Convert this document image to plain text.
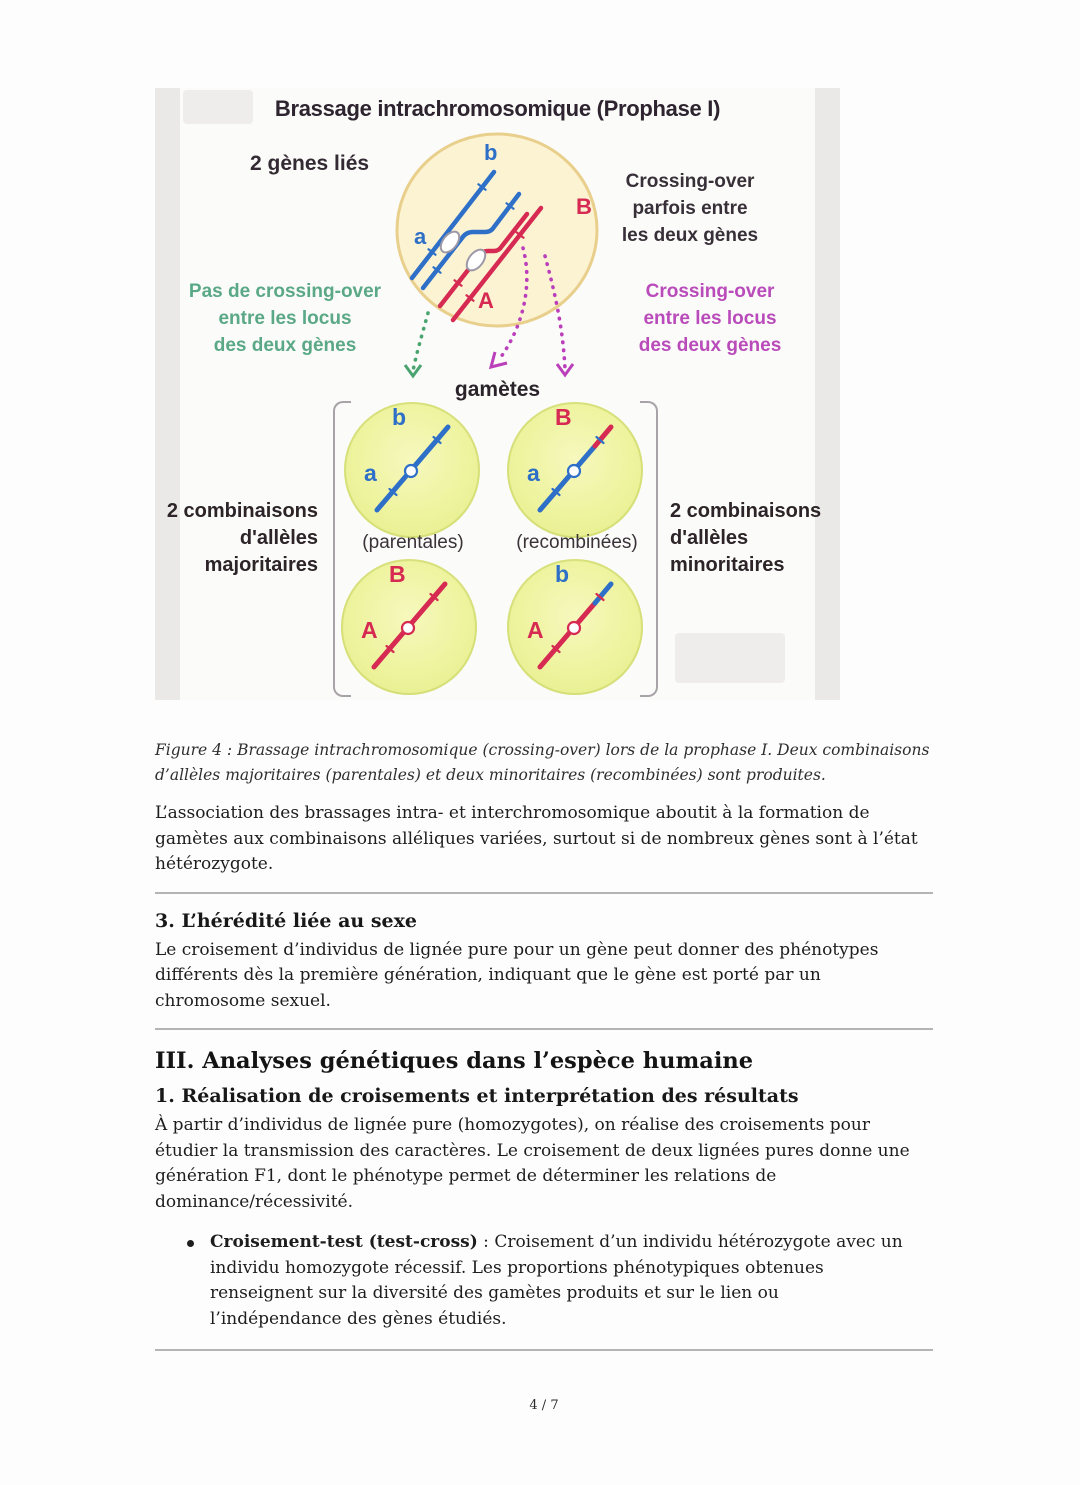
Brassage intrachromosomique (Prophase I)
2 gènes liés	b
a
B
A
Crossing-over
parfois entre
les deux gènes
Pas de crossing-over
entre les locus
des deux gènes
Crossing-over
entre les locus
des deux gènes
gamètes
a
b
a
B
A
B
A
b
(parentales)	(recombinées)
2 combinaisons
d'allèles
majoritaires
2 combinaisons
d'allèles
minoritaires
Figure 4 : Brassage intrachromosomique (crossing-over) lors de la prophase I. Deux combinaisons d’allèles majoritaires (parentales) et deux minoritaires (recombinées) sont produites.
L’association des brassages intra- et interchromosomique aboutit à la formation de gamètes aux combinaisons alléliques variées, surtout si de nombreux gènes sont à l’état hétérozygote.
3. L’hérédité liée au sexe
Le croisement d’individus de lignée pure pour un gène peut donner des phénotypes différents dès la première génération, indiquant que le gène est porté par un chromosome sexuel.
III. Analyses génétiques dans l’espèce humaine
1. Réalisation de croisements et interprétation des résultats
À partir d’individus de lignée pure (homozygotes), on réalise des croisements pour étudier la transmission des caractères. Le croisement de deux lignées pures donne une génération F1, dont le phénotype permet de déterminer les relations de dominance/récessivité.
Croisement-test (test-cross) : Croisement d’un individu hétérozygote avec un individu homozygote récessif. Les proportions phénotypiques obtenues renseignent sur la diversité des gamètes produits et sur le lien ou l’indépendance des gènes étudiés.
4 / 7
